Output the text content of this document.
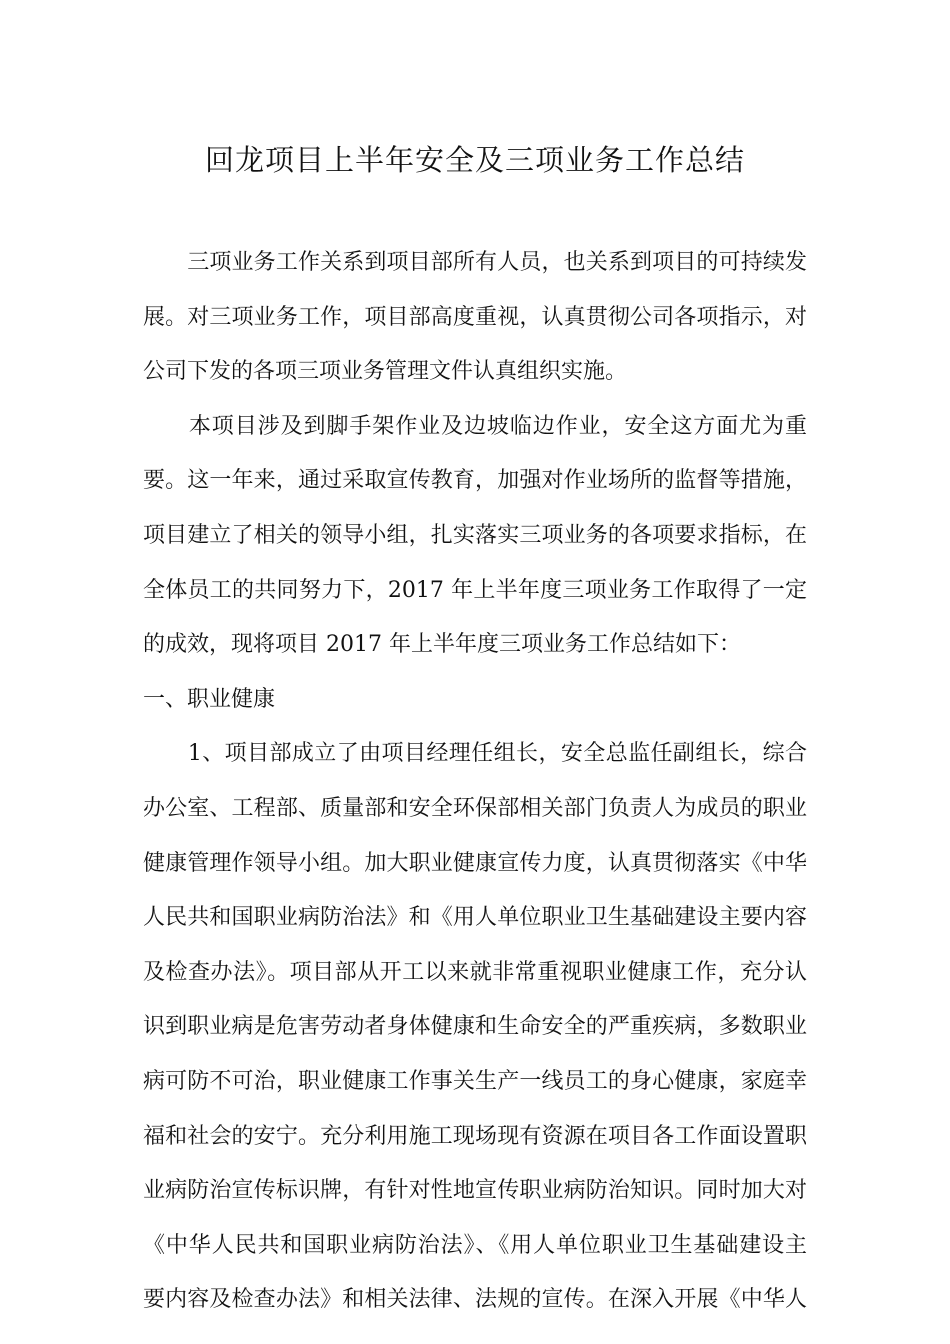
回龙项目上半年安全及三项业务工作总结
　　三项业务工作关系到项目部所有人员，也关系到项目的可持续发
展。对三项业务工作，项目部高度重视，认真贯彻公司各项指示，对
公司下发的各项三项业务管理文件认真组织实施。
　　本项目涉及到脚手架作业及边坡临边作业，安全这方面尤为重
要。这一年来，通过采取宣传教育，加强对作业场所的监督等措施，
项目建立了相关的领导小组，扎实落实三项业务的各项要求指标，在
全体员工的共同努力下，2017 年上半年度三项业务工作取得了一定
的成效，现将项目 2017 年上半年度三项业务工作总结如下：
一、职业健康
　　1、项目部成立了由项目经理任组长，安全总监任副组长，综合
办公室、工程部、质量部和安全环保部相关部门负责人为成员的职业
健康管理作领导小组。加大职业健康宣传力度，认真贯彻落实《中华
人民共和国职业病防治法》和《用人单位职业卫生基础建设主要内容
及检查办法》。项目部从开工以来就非常重视职业健康工作，充分认
识到职业病是危害劳动者身体健康和生命安全的严重疾病，多数职业
病可防不可治，职业健康工作事关生产一线员工的身心健康，家庭幸
福和社会的安宁。充分利用施工现场现有资源在项目各工作面设置职
业病防治宣传标识牌，有针对性地宣传职业病防治知识。同时加大对
《中华人民共和国职业病防治法》、《用人单位职业卫生基础建设主
要内容及检查办法》和相关法律、法规的宣传。在深入开展《中华人
